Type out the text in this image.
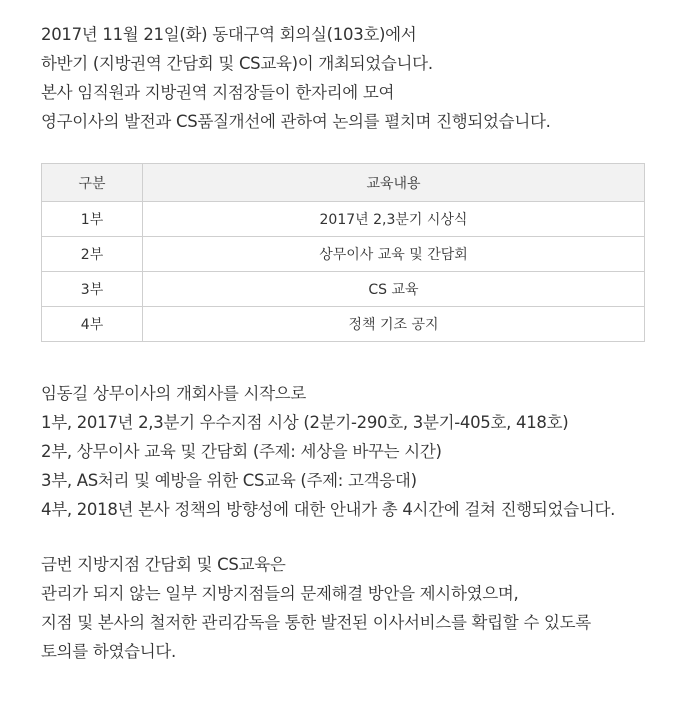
2017년 11월 21일(화) 동대구역 회의실(103호)에서
하반기 (지방권역 간담회 및 CS교육)이 개최되었습니다.
본사 임직원과 지방권역 지점장들이 한자리에 모여
영구이사의 발전과 CS품질개선에 관하여 논의를 펼치며 진행되었습니다.
구분	교육내용
1부	2017년 2,3분기 시상식
2부	상무이사 교육 및 간담회
3부	CS 교육
4부	정책 기조 공지
임동길 상무이사의 개회사를 시작으로
1부, 2017년 2,3분기 우수지점 시상 (2분기-290호, 3분기-405호, 418호)
2부, 상무이사 교육 및 간담회 (주제: 세상을 바꾸는 시간)
3부, AS처리 및 예방을 위한 CS교육 (주제: 고객응대)
4부, 2018년 본사 정책의 방향성에 대한 안내가 총 4시간에 걸쳐 진행되었습니다.
금번 지방지점 간담회 및 CS교육은
관리가 되지 않는 일부 지방지점들의 문제해결 방안을 제시하였으며,
지점 및 본사의 철저한 관리감독을 통한 발전된 이사서비스를 확립할 수 있도록
토의를 하였습니다.
